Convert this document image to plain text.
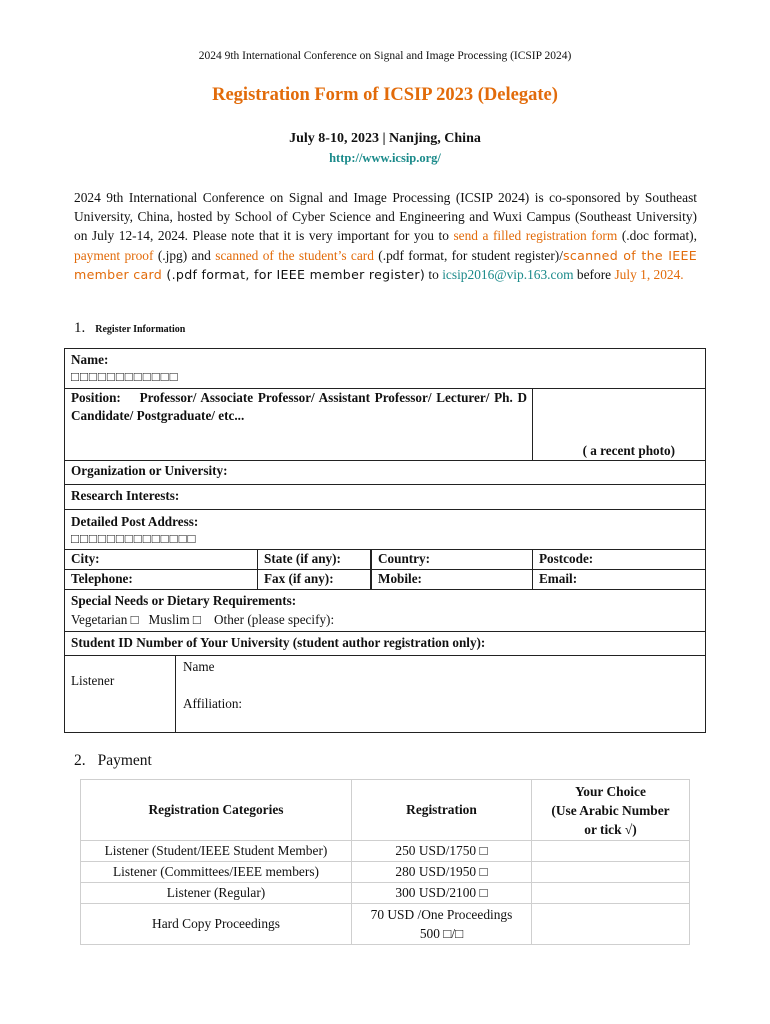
2024 9th International Conference on Signal and Image Processing (ICSIP 2024)
Registration Form of ICSIP 2023 (Delegate)
July 8-10, 2023 | Nanjing, China
http://www.icsip.org/
2024 9th International Conference on Signal and Image Processing (ICSIP 2024) is co-sponsored by Southeast University, China, hosted by School of Cyber Science and Engineering and Wuxi Campus (Southeast University) on July 12-14, 2024. Please note that it is very important for you to send a filled registration form (.doc format), payment proof (.jpg) and scanned of the student’s card (.pdf format, for student register)/scanned of the IEEE member card (.pdf format, for IEEE member register) to icsip2016@vip.163.com before July 1, 2024.
1. Register Information
Name:
□□□□□□□□□□□□
Position: Professor/ Associate Professor/ Assistant Professor/ Lecturer/ Ph. D Candidate/ Postgraduate/ etc...
( a recent photo)
Organization or University:
Research Interests:
Detailed Post Address:
□□□□□□□□□□□□□□
City:	State (if any):	Country:	Postcode:
Telephone:	Fax (if any):	Mobile:	Email:
Special Needs or Dietary Requirements:
Vegetarian □   Muslim □    Other (please specify):
Student ID Number of Your University (student author registration only):
Listener
Name
Affiliation:
2. Payment
Registration Categories	Registration	Your Choice
(Use Arabic Number
or tick √)
Listener (Student/IEEE Student Member)	250 USD/1750 □	
Listener (Committees/IEEE members)	280 USD/1950 □	
Listener (Regular)	300 USD/2100 □	
Hard Copy Proceedings	70 USD /One Proceedings
500 □/□	
